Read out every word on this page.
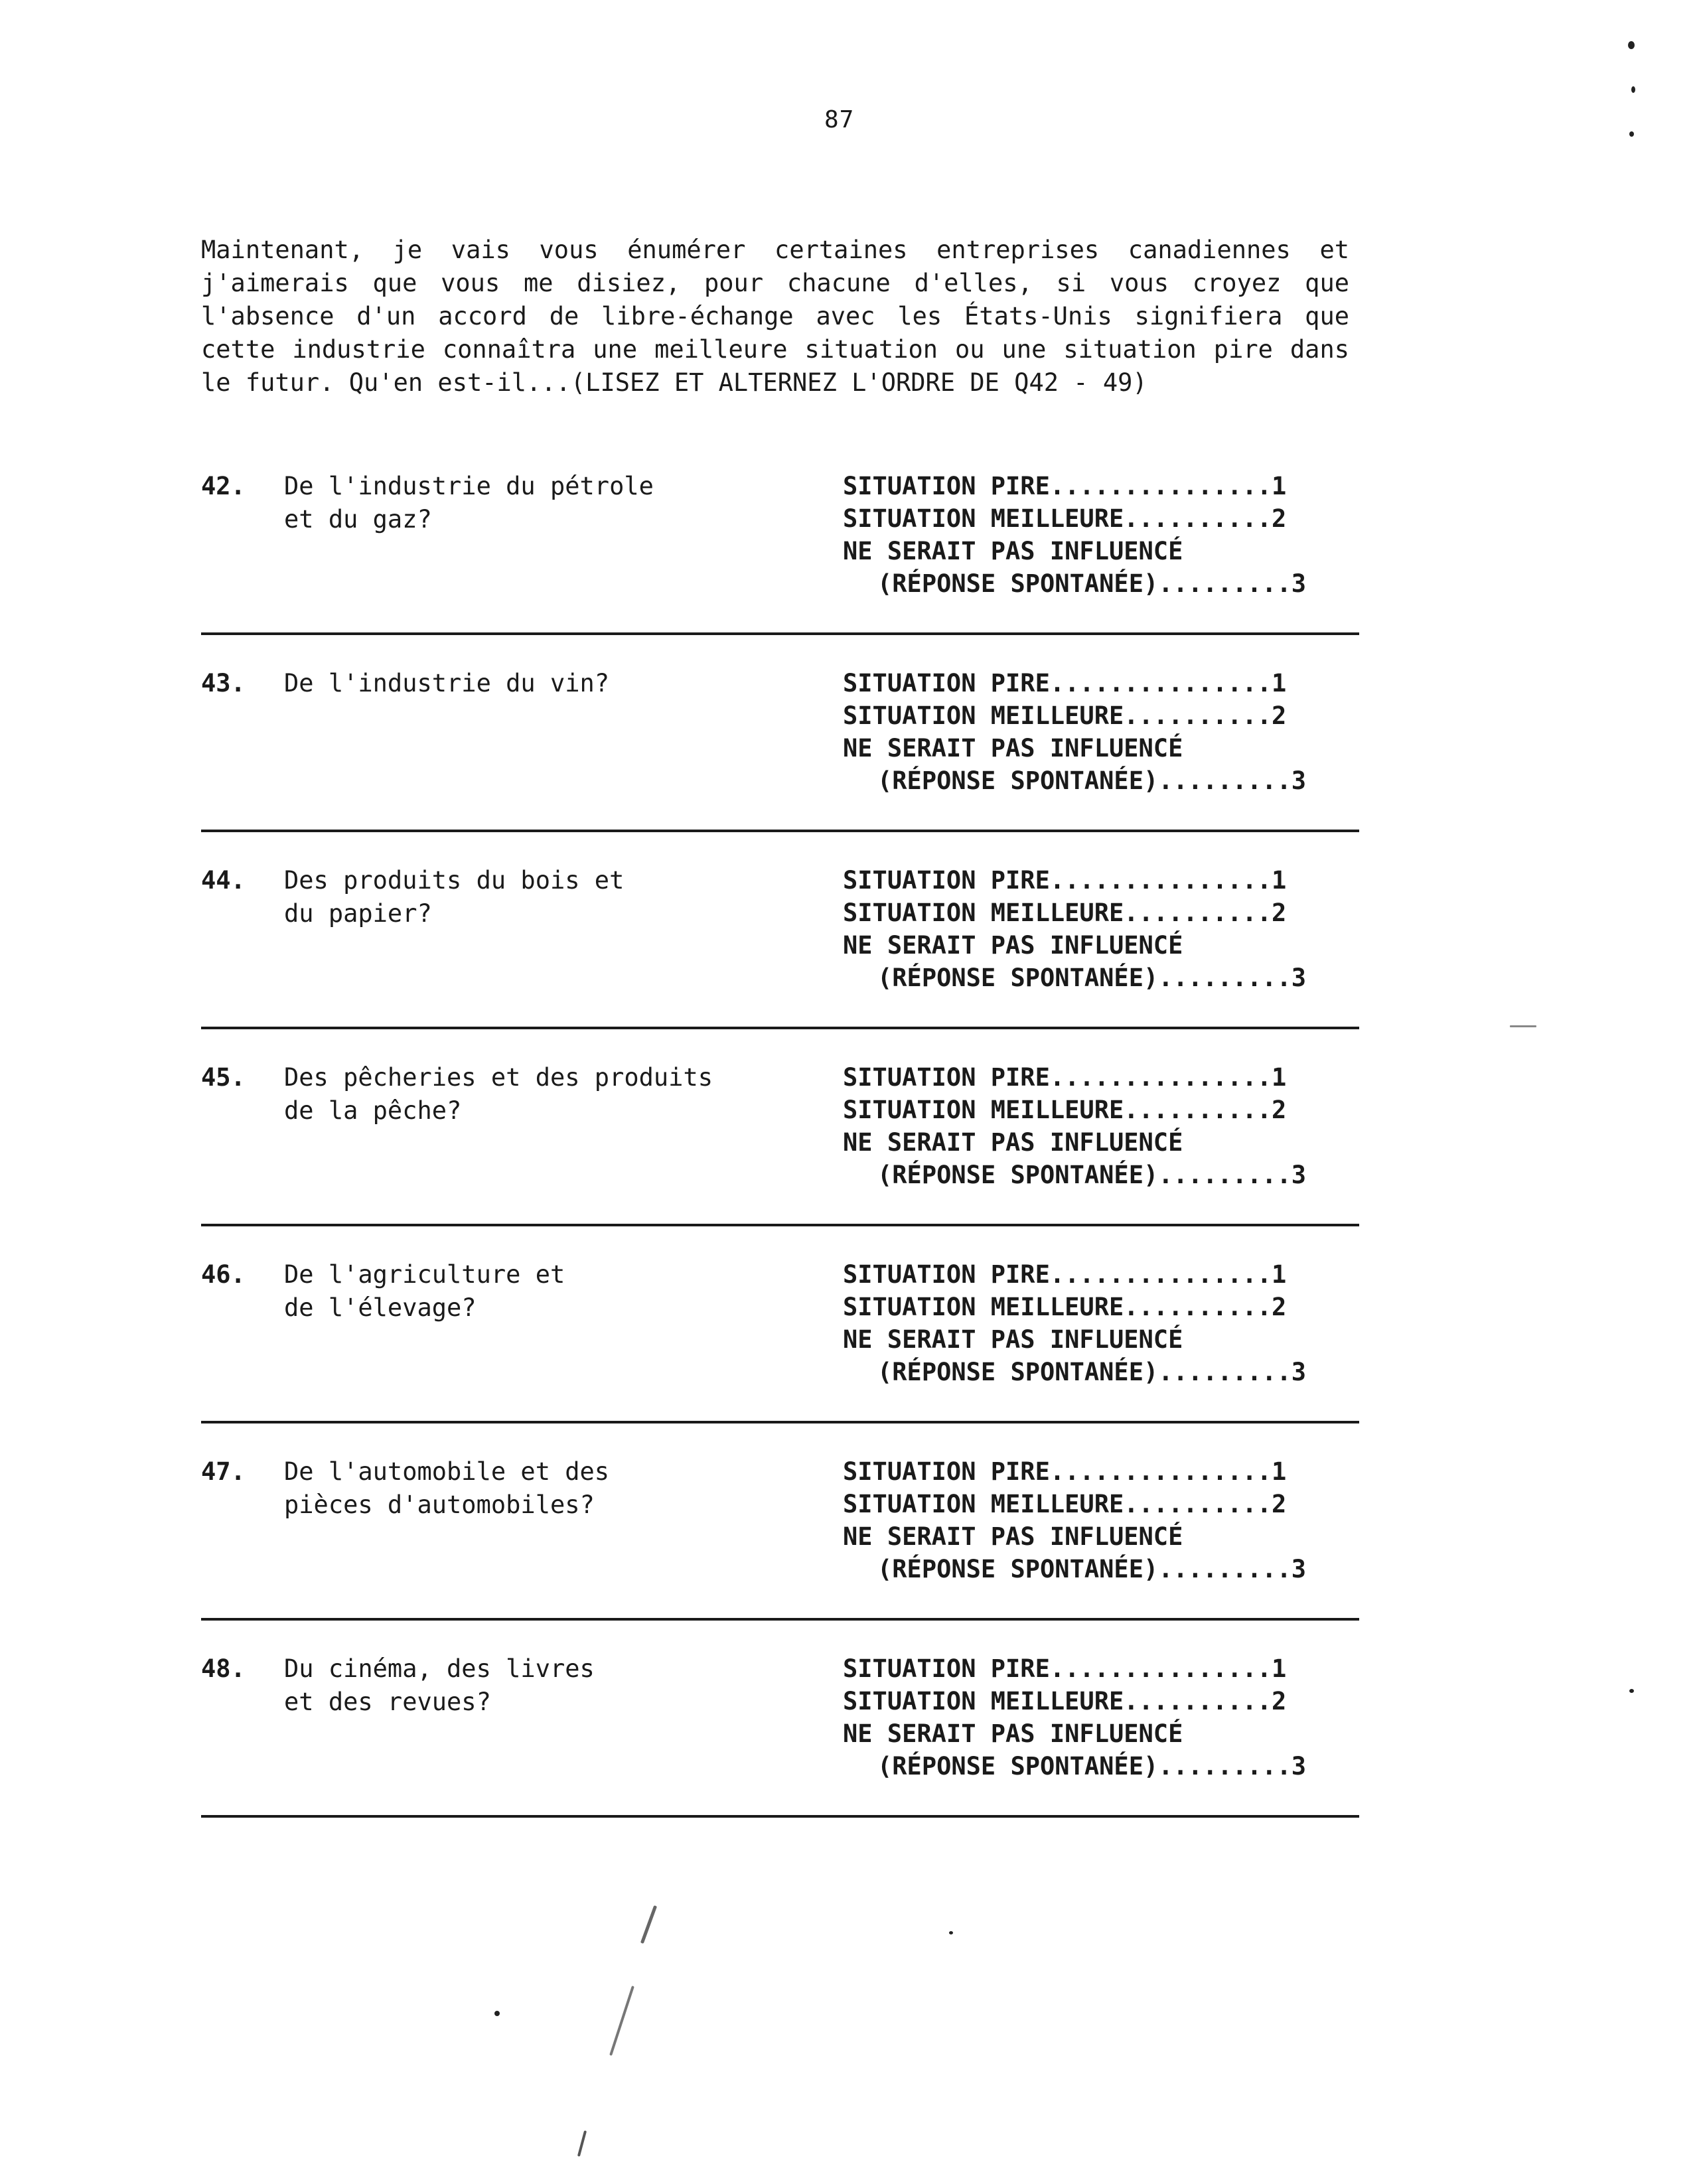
87
Maintenant, je vais vous énumérer certaines entreprises canadiennes et j'aimerais que vous me disiez, pour chacune d'elles, si vous croyez que l'absence d'un accord de libre-échange avec les États-Unis signifiera que cette industrie connaîtra une meilleure situation ou une situation pire dans le futur. Qu'en est-il...(LISEZ ET ALTERNEZ L'ORDRE DE Q42 - 49)
42. De l'industrie du pétrole
et du gaz?
SITUATION PIRE...............1
SITUATION MEILLEURE..........2
NE SERAIT PAS INFLUENCÉ
(RÉPONSE SPONTANÉE).........3
43. De l'industrie du vin?	SITUATION PIRE...............1
SITUATION MEILLEURE..........2
NE SERAIT PAS INFLUENCÉ
(RÉPONSE SPONTANÉE).........3
44. Des produits du bois et
du papier?
SITUATION PIRE...............1
SITUATION MEILLEURE..........2
NE SERAIT PAS INFLUENCÉ
(RÉPONSE SPONTANÉE).........3
45. Des pêcheries et des produits
de la pêche?
SITUATION PIRE...............1
SITUATION MEILLEURE..........2
NE SERAIT PAS INFLUENCÉ
(RÉPONSE SPONTANÉE).........3
46. De l'agriculture et
de l'élevage?
SITUATION PIRE...............1
SITUATION MEILLEURE..........2
NE SERAIT PAS INFLUENCÉ
(RÉPONSE SPONTANÉE).........3
47. De l'automobile et des
pièces d'automobiles?
SITUATION PIRE...............1
SITUATION MEILLEURE..........2
NE SERAIT PAS INFLUENCÉ
(RÉPONSE SPONTANÉE).........3
48. Du cinéma, des livres
et des revues?
SITUATION PIRE...............1
SITUATION MEILLEURE..........2
NE SERAIT PAS INFLUENCÉ
(RÉPONSE SPONTANÉE).........3
